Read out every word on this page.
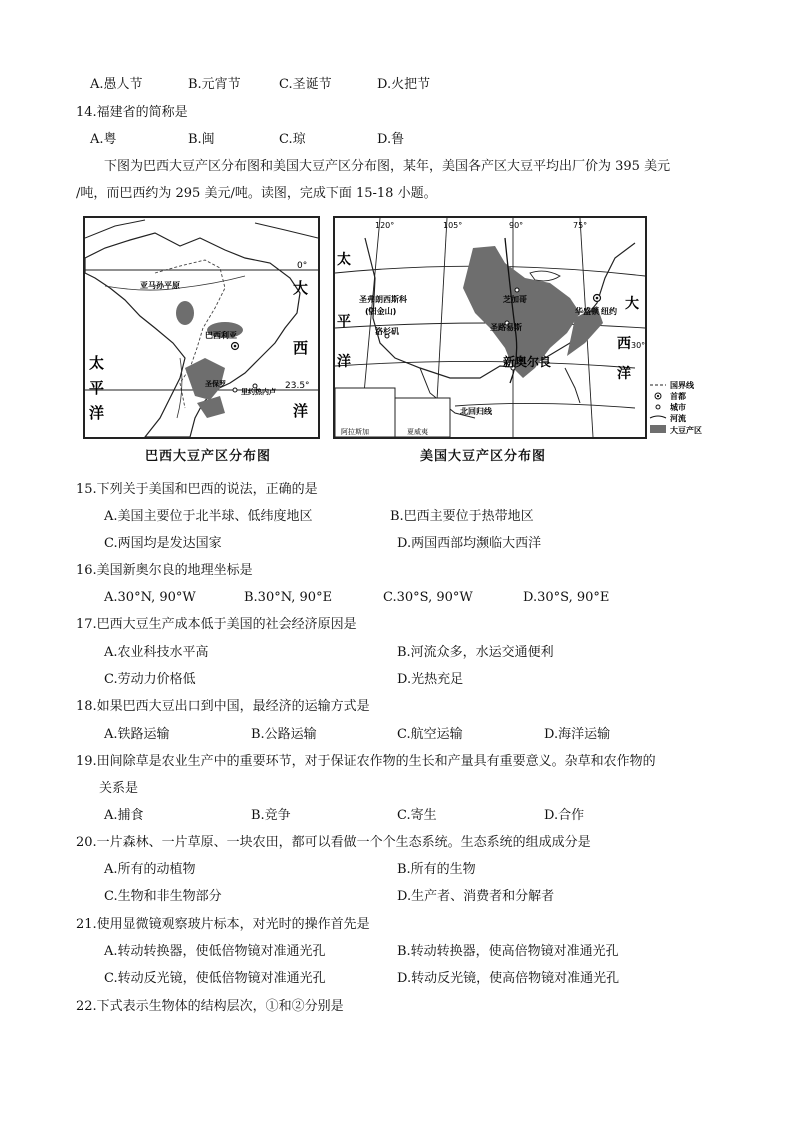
A.愚人节	B.元宵节	C.圣诞节	D.火把节
14.福建省的简称是
A.粤	B.闽	C.琼	D.鲁
下图为巴西大豆产区分布图和美国大豆产区分布图，某年，美国各产区大豆平均出厂价为 395 美元
/吨，而巴西约为 295 美元/吨。读图，完成下面 15-18 小题。
0°
亚马孙平原
巴西利亚
里约热内卢
圣保罗	23.5°
大
西
洋
太
平
洋
巴西大豆产区分布图
120°	105°	90°	75°
30°
圣弗朗西斯科
(旧金山)
洛杉矶
芝加哥
圣路易斯
新奥尔良
纽约
华盛顿
北回归线
阿拉斯加	夏威夷
太
平
洋
大
西
洋
国界线
首都
城市
河流
大豆产区
美国大豆产区分布图
15.下列关于美国和巴西的说法，正确的是
A.美国主要位于北半球、低纬度地区	B.巴西主要位于热带地区
C.两国均是发达国家	D.两国西部均濒临大西洋
16.美国新奥尔良的地理坐标是
A.30°N, 90°W	B.30°N, 90°E	C.30°S, 90°W	D.30°S, 90°E
17.巴西大豆生产成本低于美国的社会经济原因是
A.农业科技水平高	B.河流众多，水运交通便利
C.劳动力价格低	D.光热充足
18.如果巴西大豆出口到中国，最经济的运输方式是
A.铁路运输	B.公路运输	C.航空运输	D.海洋运输
19.田间除草是农业生产中的重要环节，对于保证农作物的生长和产量具有重要意义。杂草和农作物的
关系是
A.捕食	B.竞争	C.寄生	D.合作
20.一片森林、一片草原、一块农田，都可以看做一个个生态系统。生态系统的组成成分是
A.所有的动植物	B.所有的生物
C.生物和非生物部分	D.生产者、消费者和分解者
21.使用显微镜观察玻片标本，对光时的操作首先是
A.转动转换器，使低倍物镜对准通光孔	B.转动转换器，使高倍物镜对准通光孔
C.转动反光镜，使低倍物镜对准通光孔	D.转动反光镜，使高倍物镜对准通光孔
22.下式表示生物体的结构层次，①和②分别是
